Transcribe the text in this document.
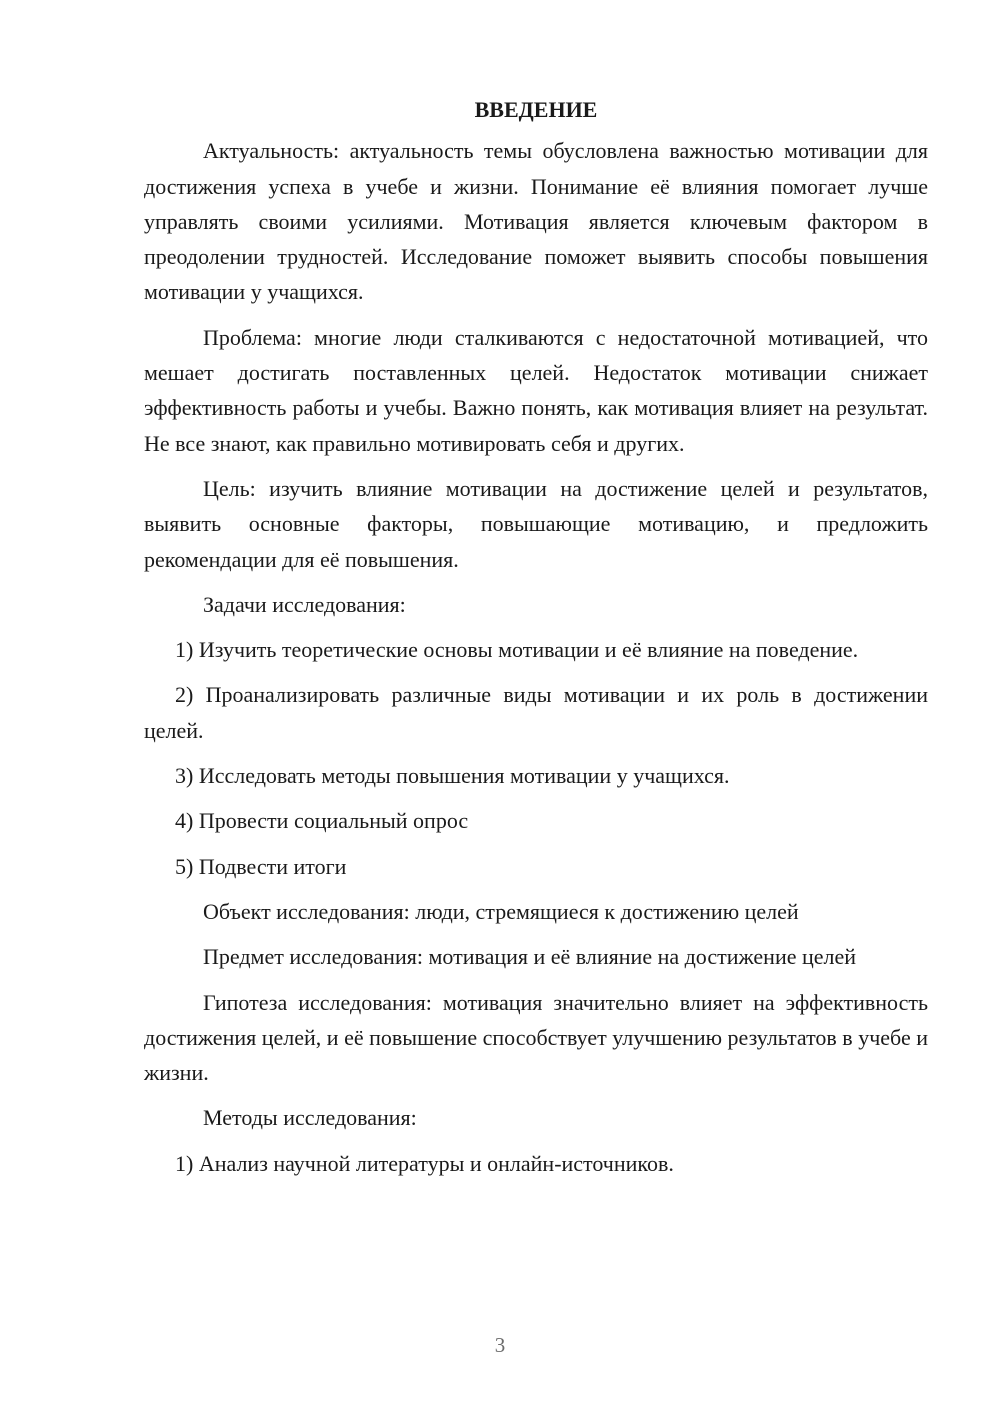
ВВЕДЕНИЕ

Актуальность: актуальность темы обусловлена важностью мотивации для достижения успеха в учебе и жизни. Понимание её влияния помогает лучше управлять своими усилиями. Мотивация является ключевым фактором в преодолении трудностей. Исследование поможет выявить способы повышения мотивации у учащихся.

Проблема: многие люди сталкиваются с недостаточной мотивацией, что мешает достигать поставленных целей. Недостаток мотивации снижает эффективность работы и учебы. Важно понять, как мотивация влияет на результат. Не все знают, как правильно мотивировать себя и других.

Цель: изучить влияние мотивации на достижение целей и результатов, выявить основные факторы, повышающие мотивацию, и предложить рекомендации для её повышения.

Задачи исследования:

1) Изучить теоретические основы мотивации и её влияние на поведение.

2) Проанализировать различные виды мотивации и их роль в достижении целей.

3) Исследовать методы повышения мотивации у учащихся.

4) Провести социальный опрос

5) Подвести итоги

Объект исследования: люди, стремящиеся к достижению целей

Предмет исследования: мотивация и её влияние на достижение целей

Гипотеза исследования: мотивация значительно влияет на эффективность достижения целей, и её повышение способствует улучшению результатов в учебе и жизни.

Методы исследования:

1) Анализ научной литературы и онлайн-источников.

3
